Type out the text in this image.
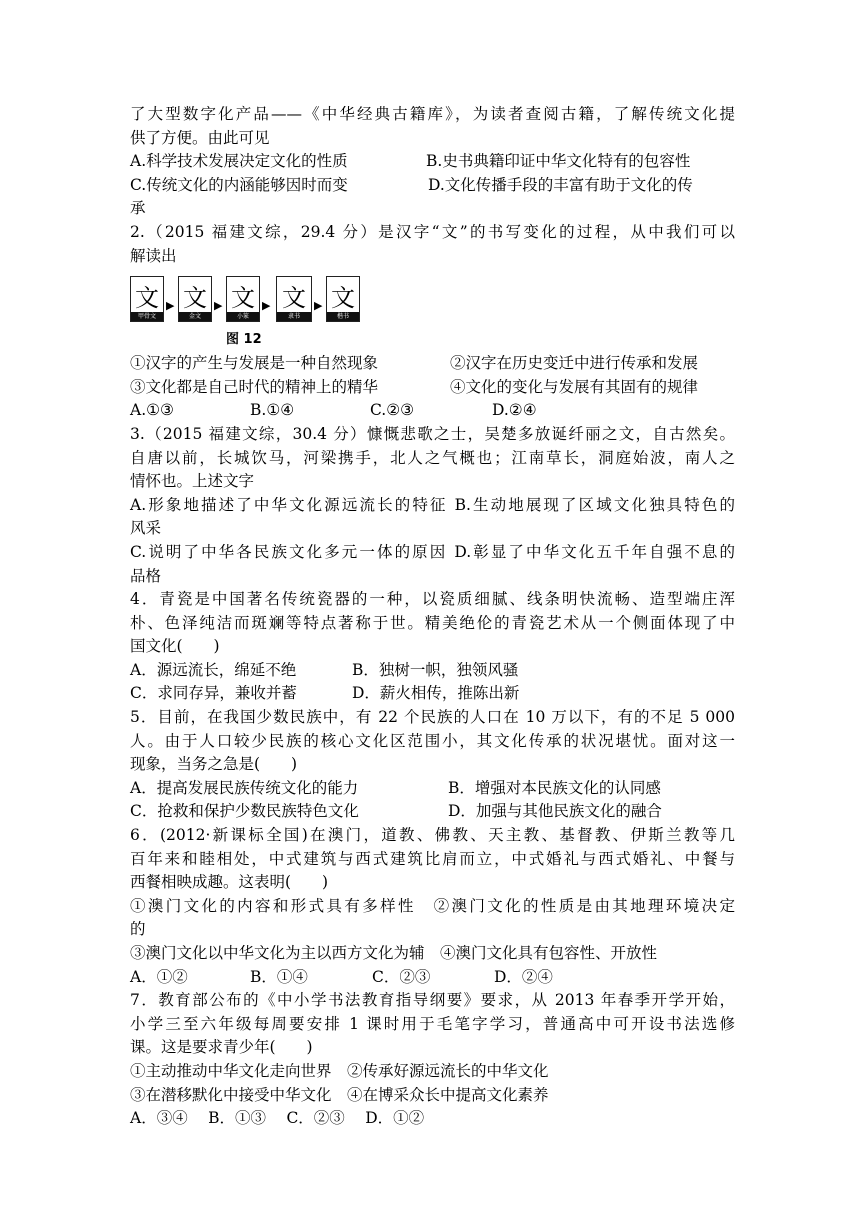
了大型数字化产品——《中华经典古籍库》，为读者查阅古籍，了解传统文化提
供了方便。由此可见
A.科学技术发展决定文化的性质	B.史书典籍印证中华文化特有的包容性
C.传统文化的内涵能够因时而变	D.文化传播手段的丰富有助于文化的传
承
2.（2015 福建文综，29.4 分）是汉字“文”的书写变化的过程，从中我们可以
解读出
文
甲骨文
▶ 文
金文
▶ 文
小篆
▶ 文
隶书
▶ 文
楷书
图 12
①汉字的产生与发展是一种自然现象	②汉字在历史变迁中进行传承和发展
③文化都是自己时代的精神上的精华	④文化的变化与发展有其固有的规律
A.①③	B.①④	C.②③	D.②④
3.（2015 福建文综，30.4 分）慷慨悲歌之士，吴楚多放诞纤丽之文，自古然矣。
自唐以前，长城饮马，河梁携手，北人之气概也；江南草长，洞庭始波，南人之
情怀也。上述文字
A.形象地描述了中华文化源远流长的特征 B.生动地展现了区域文化独具特色的
风采
C.说明了中华各民族文化多元一体的原因 D.彰显了中华文化五千年自强不息的
品格
4．青瓷是中国著名传统瓷器的一种，以瓷质细腻、线条明快流畅、造型端庄浑
朴、色泽纯洁而斑斓等特点著称于世。精美绝伦的青瓷艺术从一个侧面体现了中
国文化(　　)
A．源远流长，绵延不绝	B．独树一帜，独领风骚
C．求同存异，兼收并蓄	D．薪火相传，推陈出新
5．目前，在我国少数民族中，有 22 个民族的人口在 10 万以下，有的不足 5 000
人。由于人口较少民族的核心文化区范围小，其文化传承的状况堪忧。面对这一
现象，当务之急是(　　)
A．提高发展民族传统文化的能力	B．增强对本民族文化的认同感
C．抢救和保护少数民族特色文化	D．加强与其他民族文化的融合
6．(2012·新课标全国)在澳门，道教、佛教、天主教、基督教、伊斯兰教等几
百年来和睦相处，中式建筑与西式建筑比肩而立，中式婚礼与西式婚礼、中餐与
西餐相映成趣。这表明(　　)
①澳门文化的内容和形式具有多样性　②澳门文化的性质是由其地理环境决定
的
③澳门文化以中华文化为主以西方文化为辅　④澳门文化具有包容性、开放性
A．①②	B．①④	C．②③	D．②④
7．教育部公布的《中小学书法教育指导纲要》要求，从 2013 年春季开学开始，
小学三至六年级每周要安排 1 课时用于毛笔字学习，普通高中可开设书法选修
课。这是要求青少年(　　)
①主动推动中华文化走向世界　②传承好源远流长的中华文化
③在潜移默化中接受中华文化　④在博采众长中提高文化素养
A．③④　 B．①③　 C．②③　 D．①②
